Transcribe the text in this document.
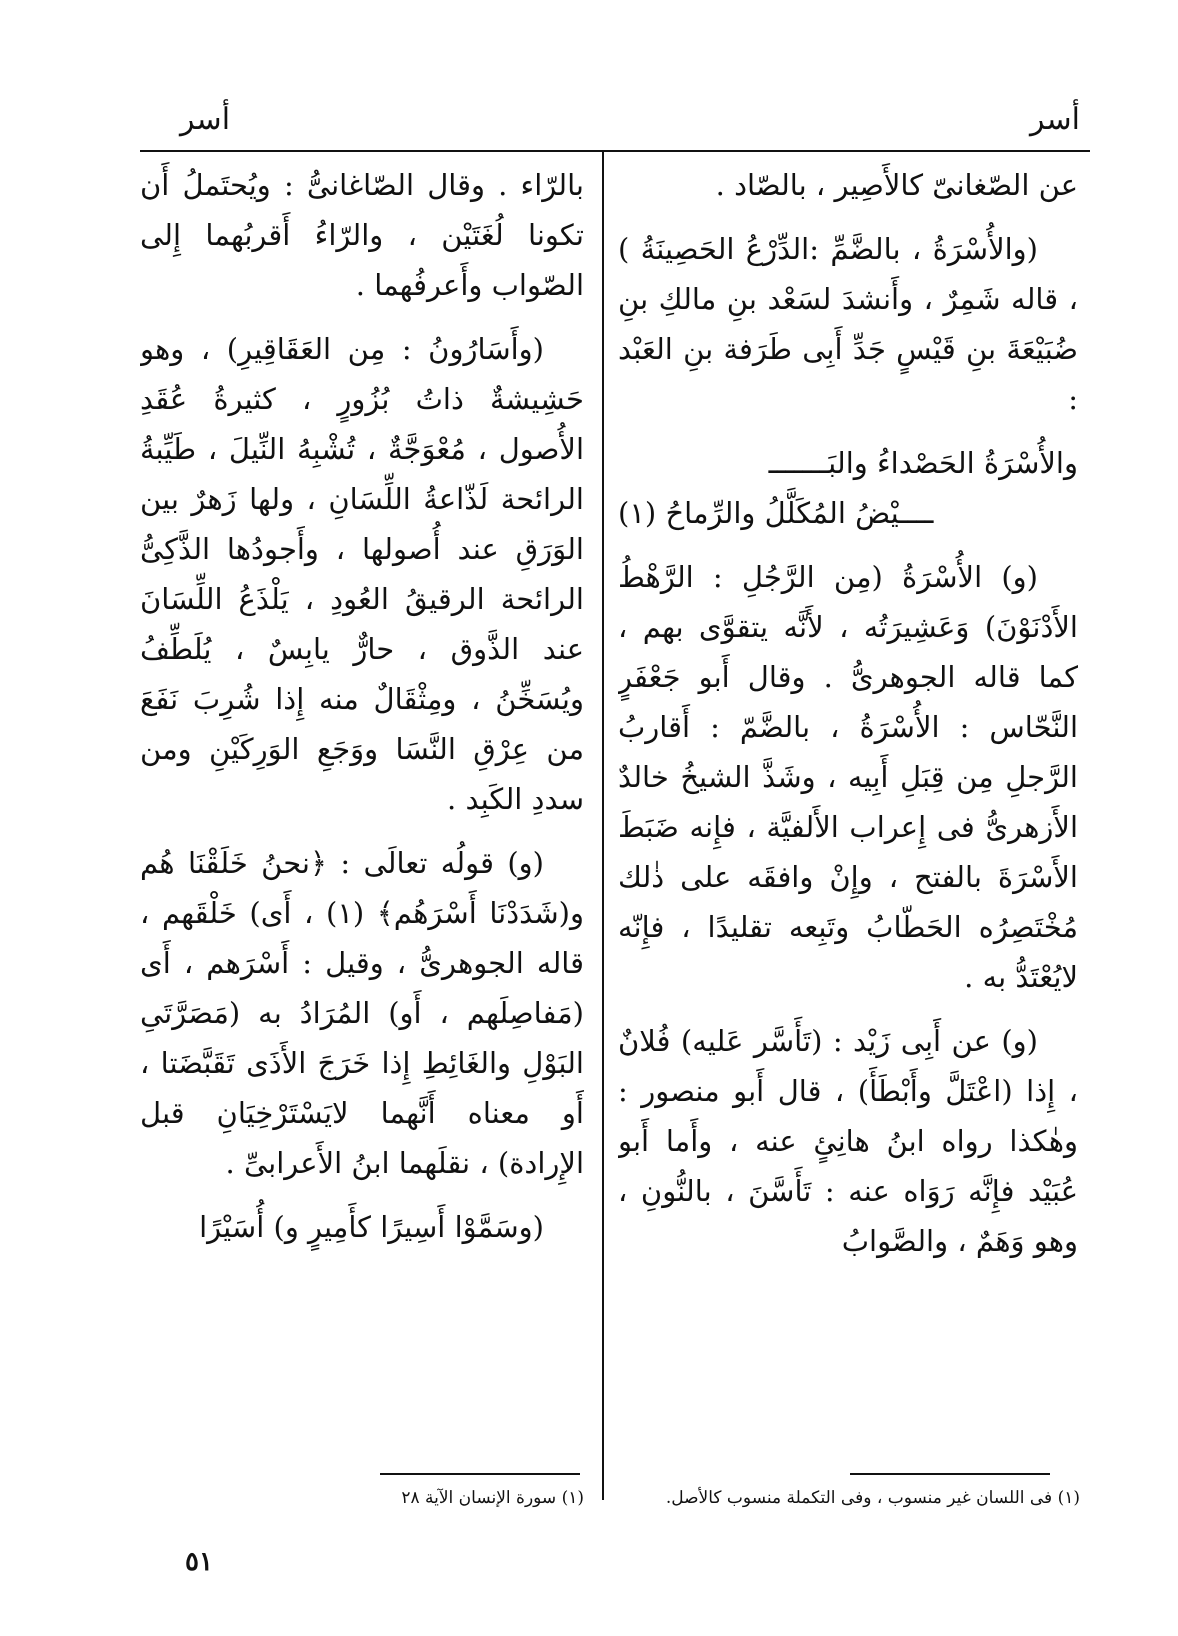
أسر
أسر

عن الصّغانىّ كالأَصِير ، بالصّاد .

(والأُسْرَةُ ، بالضَّمِّ :الدِّرْعُ الحَصِينَةُ ) ، قاله شَمِرٌ ، وأَنشدَ لسَعْد بنِ مالكِ بنِ ضُبَيْعَةَ بنِ قَيْسٍ جَدِّ أَبِى طَرَفة بنِ العَبْد :

والأُسْرَةُ الحَصْداءُ والبَـــــــ
ــــيْضُ المُكَلَّلُ والرِّماحُ (١)

(و) الأُسْرَةُ (مِن الرَّجُلِ : الرَّهْطُ الأَدْنَوْنَ) وَعَشِيرَتُه ، لأَنَّه يتقوَّى بهم ، كما قاله الجوهرىُّ . وقال أَبو جَعْفَرٍ النَّحّاس : الأُسْرَةُ ، بالضَّمّ : أَقاربُ الرَّجلِ مِن قِبَلِ أَبِيه ، وشَذَّ الشيخُ خالدٌ الأَزهرىُّ فى إِعراب الأَلفيَّة ، فإِنه ضَبَطَ الأَسْرَةَ بالفتح ، وإِنْ وافقَه على ذٰلك مُخْتَصِرُه الحَطّابُ وتَبِعه تقليدًا ، فإِنّه لايُعْتَدُّ به .

(و) عن أَبِى زَيْد : (تَأَسَّر عَليه) فُلانٌ ، إِذا (اعْتَلَّ وأَبْطَأَ) ، قال أَبو منصور : وهٰكذا رواه ابنُ هانِئٍ عنه ، وأَما أَبو عُبَيْد فإِنَّه رَوَاه عنه : تَأَسَّنَ ، بالنُّونِ ، وهو وَهَمٌ ، والصَّوابُ

بالرّاء . وقال الصّاغانىُّ : ويُحتَملُ أَن تكونا لُغَتَيْن ، والرّاءُ أَقربُهما إِلى الصّواب وأَعرفُهما .

(وأَسَارُونُ : مِن العَقَاقِيرِ) ، وهو حَشِيشةٌ ذاتُ بُزُورٍ ، كثيرةُ عُقَدِ الأُصول ، مُعْوَجَّةٌ ، تُشْبِهُ النِّيلَ ، طَيِّبةُ الرائحة لَذّاعةُ اللِّسَانِ ، ولها زَهرٌ بين الوَرَقِ عند أُصولها ، وأَجودُها الذَّكِىُّ الرائحة الرقيقُ العُودِ ، يَلْذَعُ اللِّسَانَ عند الذَّوق ، حارٌّ يابِسٌ ، يُلَطِّفُ ويُسَخِّنُ ، ومِثْقَالٌ منه إِذا شُرِبَ نَفَعَ من عِرْقِ النَّسَا ووَجَعِ الوَرِكَيْنِ ومن سددِ الكَبِد .

(و) قولُه تعالَى : ﴿نحنُ خَلَقْنَا هُم و(شَدَدْنَا أَسْرَهُم﴾ (١) ، أَى) خَلْقَهم ، قاله الجوهرىُّ ، وقيل : أَسْرَهم ، أَى (مَفاصِلَهم ، أَو) المُرَادُ به (مَصَرَّتَىِ البَوْلِ والغَائِطِ إِذا خَرَجَ الأَذَى تَقَبَّضَتا ، أَو معناه أَنَّهما لايَسْتَرْخِيَانِ قبل الإِرادة) ، نقلَهما ابنُ الأَعرابىِّ .

(وسَمَّوْا أَسِيرًا كأَمِيرٍ و) أُسَيْرًا

(١) فى اللسان غير منسوب ، وفى التكملة منسوب كالأصل.
(١) سورة الإنسان الآية ٢٨
٥١
